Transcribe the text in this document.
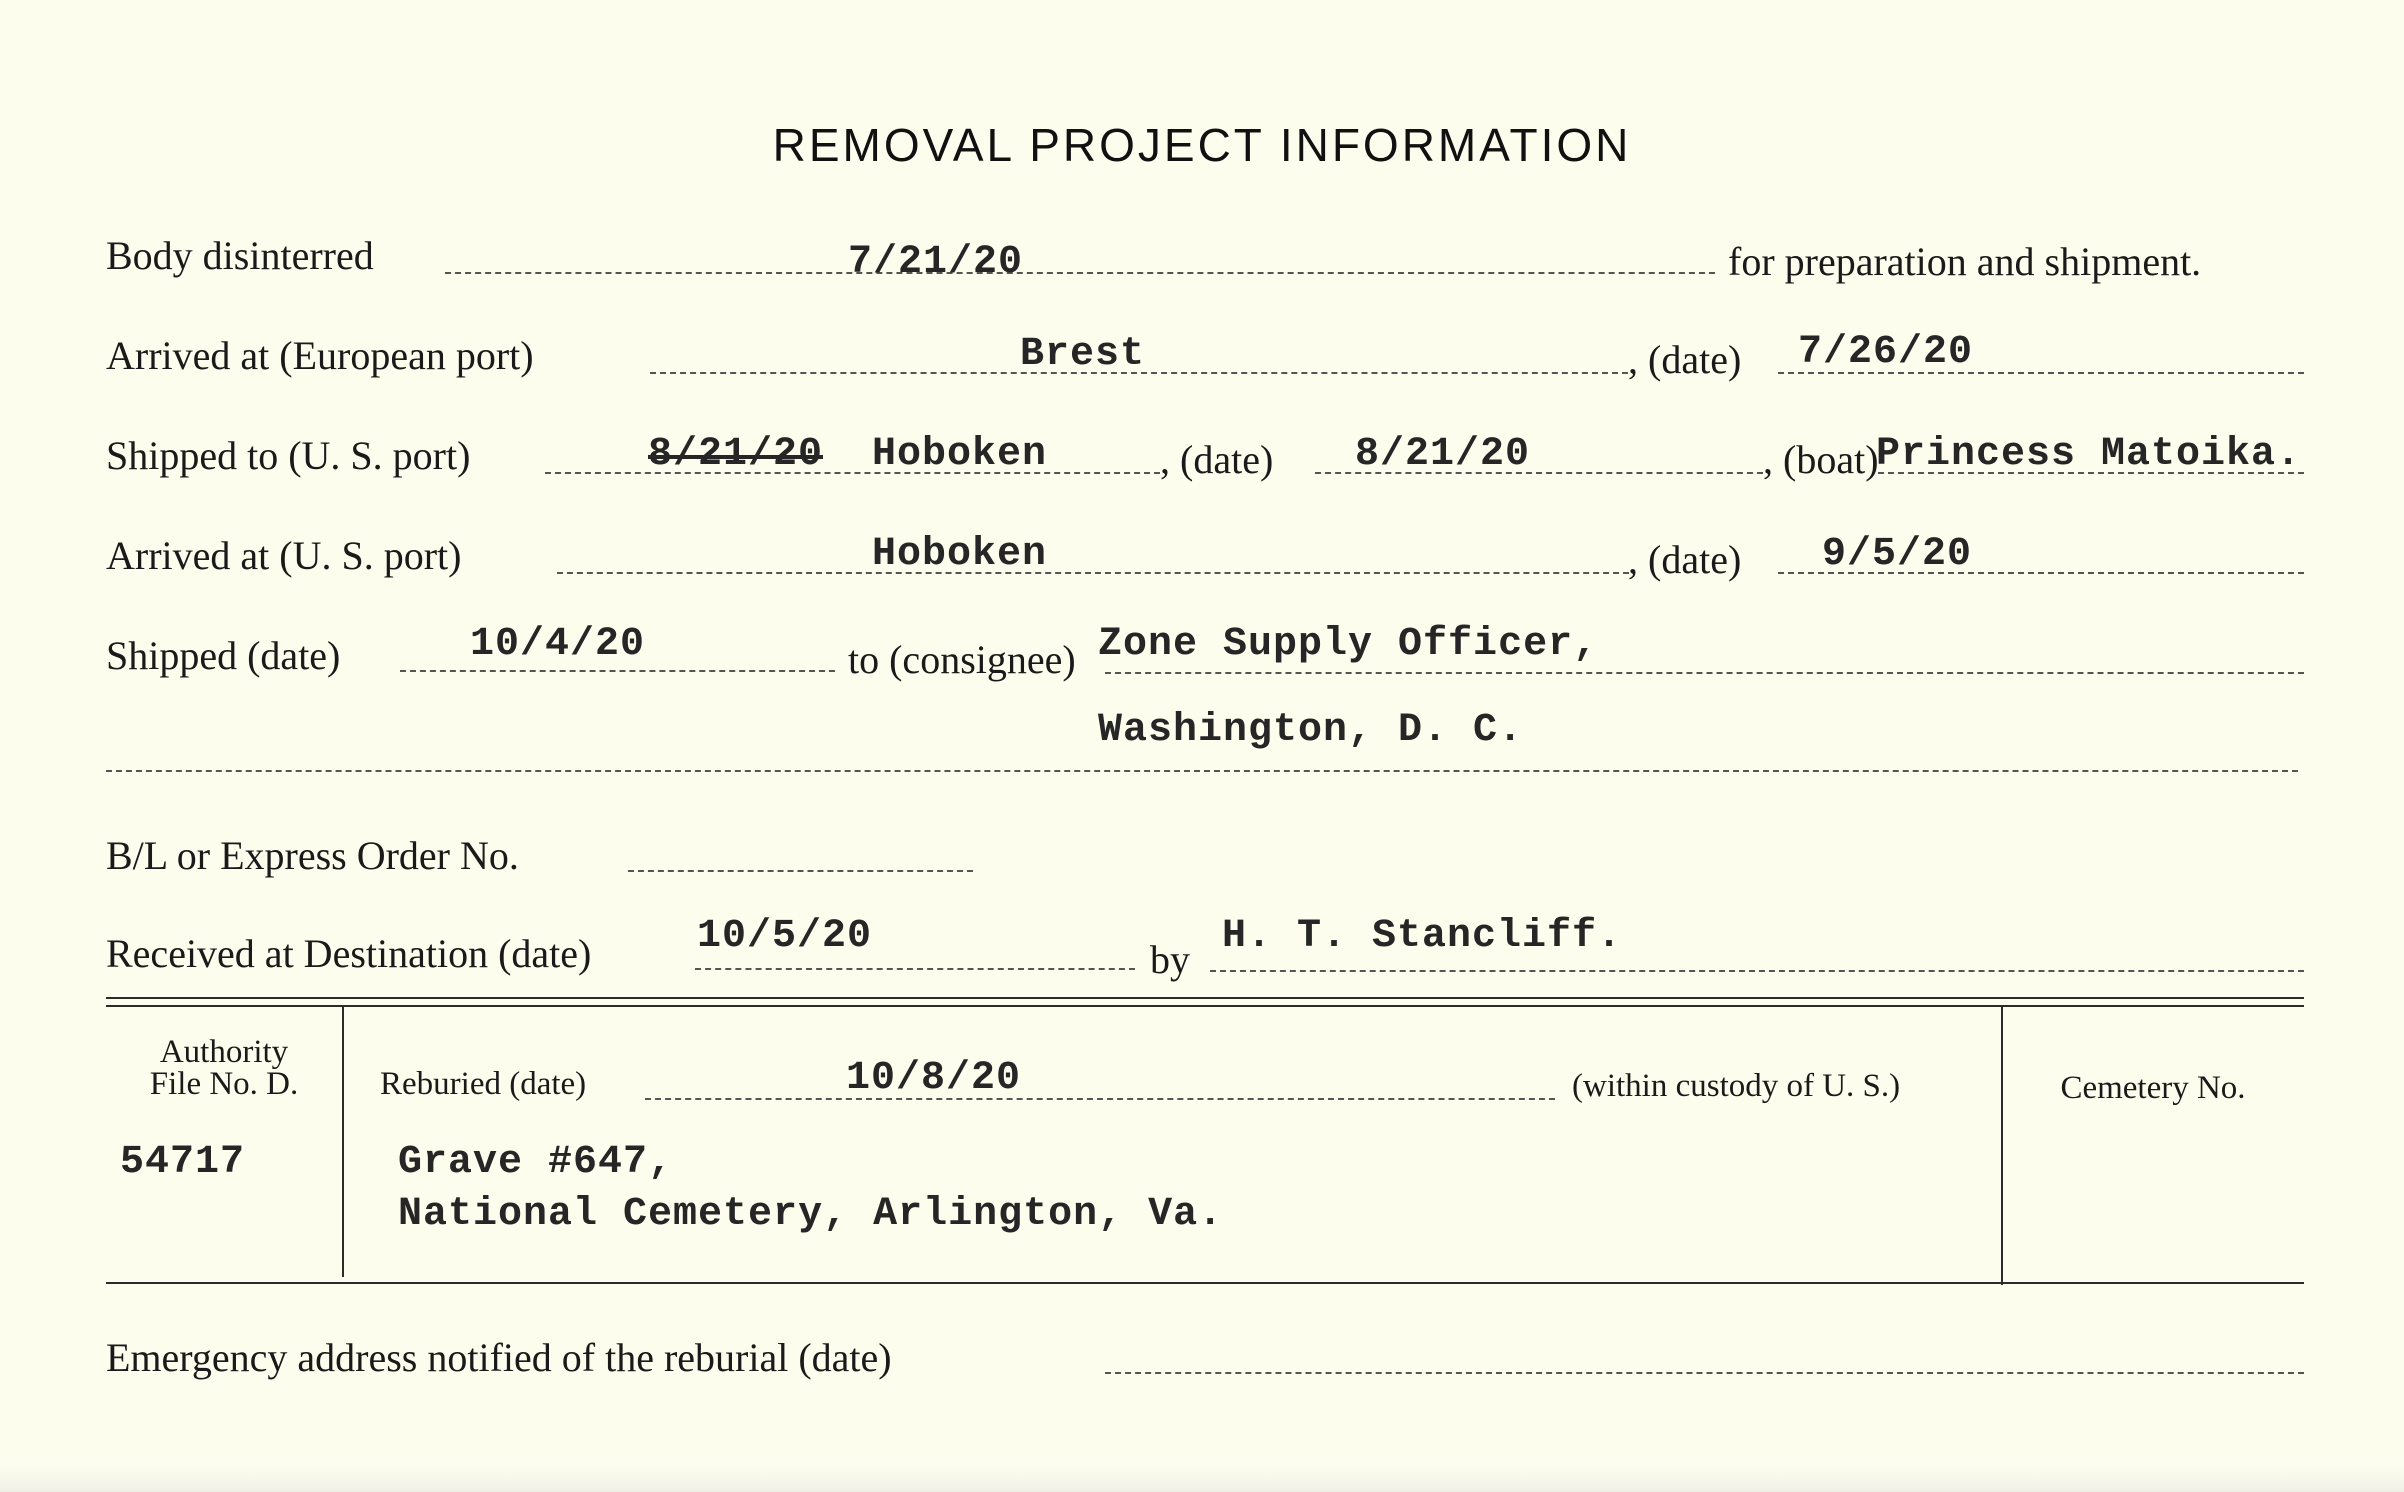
REMOVAL PROJECT INFORMATION
Body disinterred	7/21/20	for preparation and shipment.
Arrived at (European port)	Brest	, (date) 7/26/20
Shipped to (U. S. port)	8/21/20 Hoboken	, (date) 8/21/20	, (boat)
Princess Matoika.
Arrived at (U. S. port)	Hoboken	, (date) 9/5/20
Shipped (date)	10/4/20	to (consignee) Zone Supply Officer,
Washington, D. C.
B/L or Express Order No.
Received at Destination (date)	10/5/20
by
H. T. Stancliff.
Authority
File No. D.
54717
Reburied (date)	10/8/20	(within custody of U. S.)
Grave #647,
National Cemetery, Arlington, Va.
Cemetery No.
Emergency address notified of the reburial (date)
